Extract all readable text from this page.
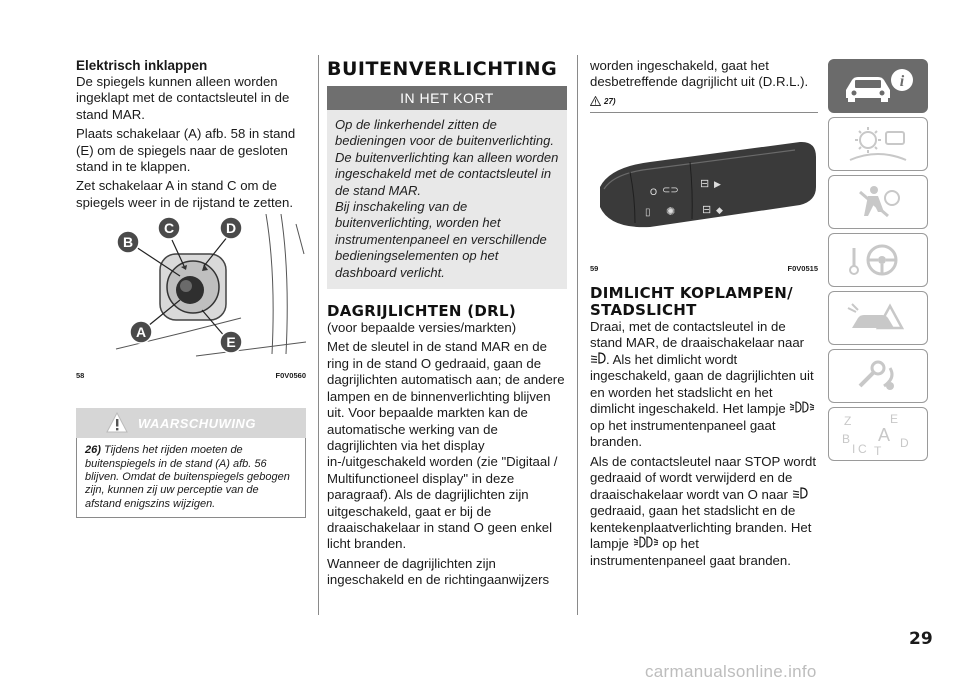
Elektrisch inklappen

De spiegels kunnen alleen worden ingeklapt met de contactsleutel in de stand MAR.

Plaats schakelaar (A) afb. 58 in stand (E) om de spiegels naar de gesloten stand in te klappen.

Zet schakelaar A in stand C om de spiegels weer in de rijstand te zetten.

C	D
B
A
E
58	F0V0560
WAARSCHUWING
26) Tijdens het rijden moeten de buitenspiegels in de stand (A) afb. 56 blijven. Omdat de buitenspiegels gebogen zijn, kunnen zij uw perceptie van de afstand enigszins wijzigen.
BUITENVERLICHTING
IN HET KORT

Op de linkerhendel zitten de bedieningen voor de buitenverlichting.

De buitenverlichting kan alleen worden ingeschakeld met de contactsleutel in de stand MAR.

Bij inschakeling van de buitenverlichting, worden het instrumentenpaneel en verschillende bedieningselementen op het dashboard verlicht.

DAGRIJLICHTEN (DRL)

(voor bepaalde versies/markten)

Met de sleutel in de stand MAR en de ring in de stand O gedraaid, gaan de dagrijlichten automatisch aan; de andere lampen en de binnenverlichting blijven uit. Voor bepaalde markten kan de automatische werking van de dagrijlichten via het display in-/uitgeschakeld worden (zie "Digitaal / Multifunctioneel display" in deze paragraaf). Als de dagrijlichten zijn uitgeschakeld, gaat er bij de draaischakelaar in stand O geen enkel licht branden.

Wanneer de dagrijlichten zijn ingeschakeld en de richtingaanwijzers

worden ingeschakeld, gaat het desbetreffende dagrijlicht uit (D.R.L.).

27)
O
▯
⊂⊃
✺
⊟ ▶
⊟ ◆
59	F0V0515
DIMLICHT KOPLAMPEN/
STADSLICHT

Draai, met de contactsleutel in de stand MAR, de draaischakelaar naar . Als het dimlicht wordt ingeschakeld, gaan de dagrijlichten uit en worden het stadslicht en het dimlicht ingeschakeld. Het lampje  op het instrumentenpaneel gaat branden.

Als de contactsleutel naar STOP wordt gedraaid of wordt verwijderd en de draaischakelaar wordt van O naar  gedraaid, gaan het stadslicht en de kentekenplaatverlichting branden. Het lampje	op het instrumentenpaneel gaat branden.

i
Z	E
B A
C T
D
I
29
carmanualsonline.info
